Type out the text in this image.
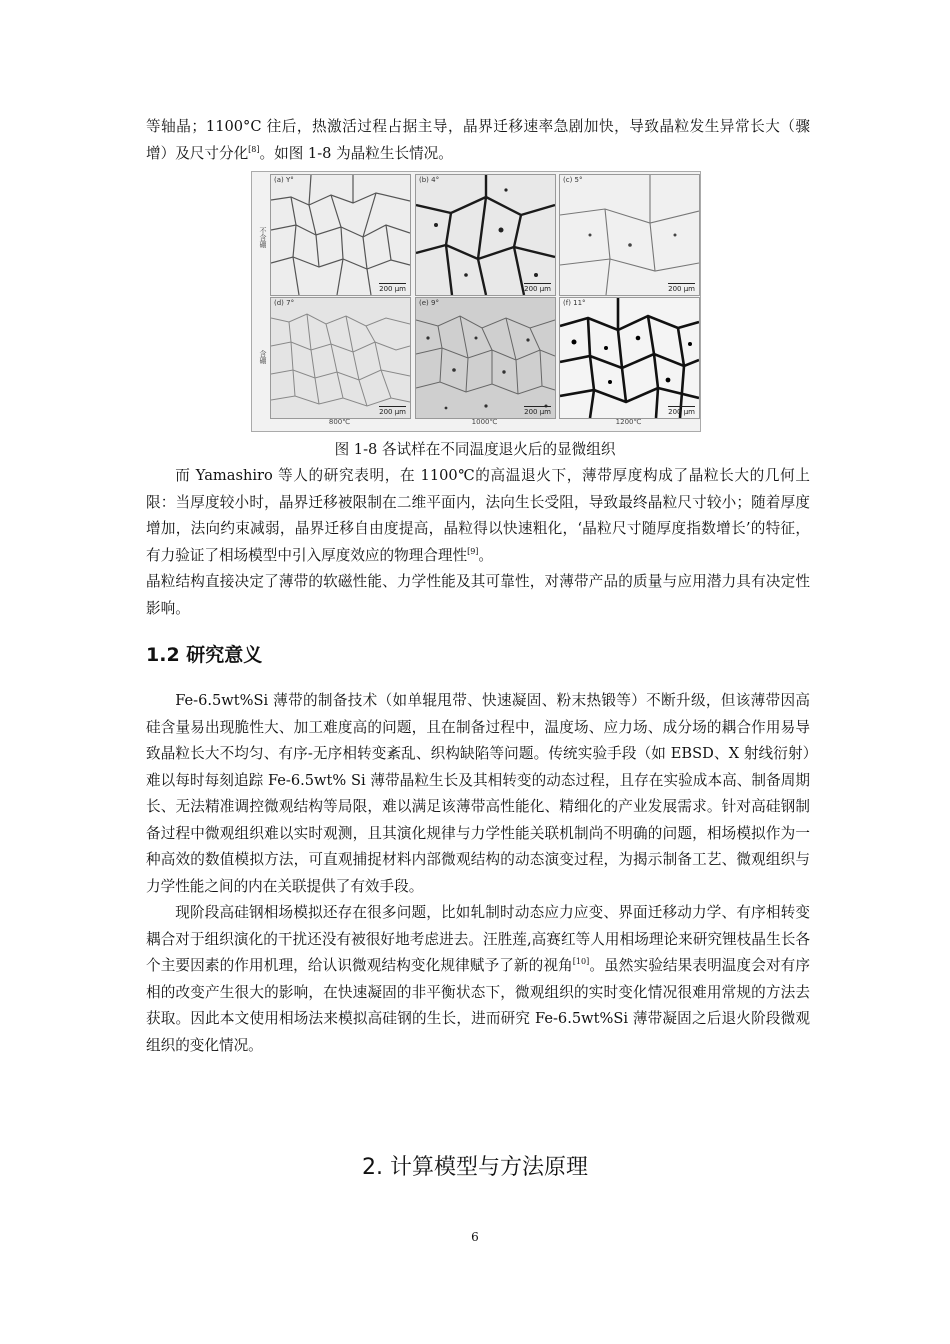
等轴晶；1100°C 往后，热激活过程占据主导，晶界迁移速率急剧加快，导致晶粒发生异常长大（骤增）及尺寸分化[8]。如图 1-8 为晶粒生长情况。

不含硼
含硼
(a) Y°
200 μm
(b) 4°
200 μm
(c) 5°
200 μm
(d) 7°
200 μm
(e) 9°
200 μm
(f) 11°
200 μm
800℃	1000℃	1200℃
图 1-8 各试样在不同温度退火后的显微组织

而 Yamashiro 等人的研究表明，在 1100℃的高温退火下，薄带厚度构成了晶粒长大的几何上限：当厚度较小时，晶界迁移被限制在二维平面内，法向生长受阻，导致最终晶粒尺寸较小；随着厚度增加，法向约束减弱，晶界迁移自由度提高，晶粒得以快速粗化，‘晶粒尺寸随厚度指数增长’的特征，有力验证了相场模型中引入厚度效应的物理合理性[9]。

晶粒结构直接决定了薄带的软磁性能、力学性能及其可靠性，对薄带产品的质量与应用潜力具有决定性影响。

1.2 研究意义

Fe-6.5wt%Si 薄带的制备技术（如单辊甩带、快速凝固、粉末热锻等）不断升级，但该薄带因高硅含量易出现脆性大、加工难度高的问题，且在制备过程中，温度场、应力场、成分场的耦合作用易导致晶粒长大不均匀、有序-无序相转变紊乱、织构缺陷等问题。传统实验手段（如 EBSD、X 射线衍射）难以每时每刻追踪 Fe-6.5wt% Si 薄带晶粒生长及其相转变的动态过程，且存在实验成本高、制备周期长、无法精准调控微观结构等局限，难以满足该薄带高性能化、精细化的产业发展需求。针对高硅钢制备过程中微观组织难以实时观测，且其演化规律与力学性能关联机制尚不明确的问题，相场模拟作为一种高效的数值模拟方法，可直观捕捉材料内部微观结构的动态演变过程，为揭示制备工艺、微观组织与力学性能之间的内在关联提供了有效手段。

现阶段高硅钢相场模拟还存在很多问题，比如轧制时动态应力应变、界面迁移动力学、有序相转变耦合对于组织演化的干扰还没有被很好地考虑进去。汪胜莲,高赛红等人用相场理论来研究锂枝晶生长各个主要因素的作用机理，给认识微观结构变化规律赋予了新的视角[10]。虽然实验结果表明温度会对有序相的改变产生很大的影响，在快速凝固的非平衡状态下，微观组织的实时变化情况很难用常规的方法去获取。因此本文使用相场法来模拟高硅钢的生长，进而研究 Fe-6.5wt%Si 薄带凝固之后退火阶段微观组织的变化情况。

2. 计算模型与方法原理
6
